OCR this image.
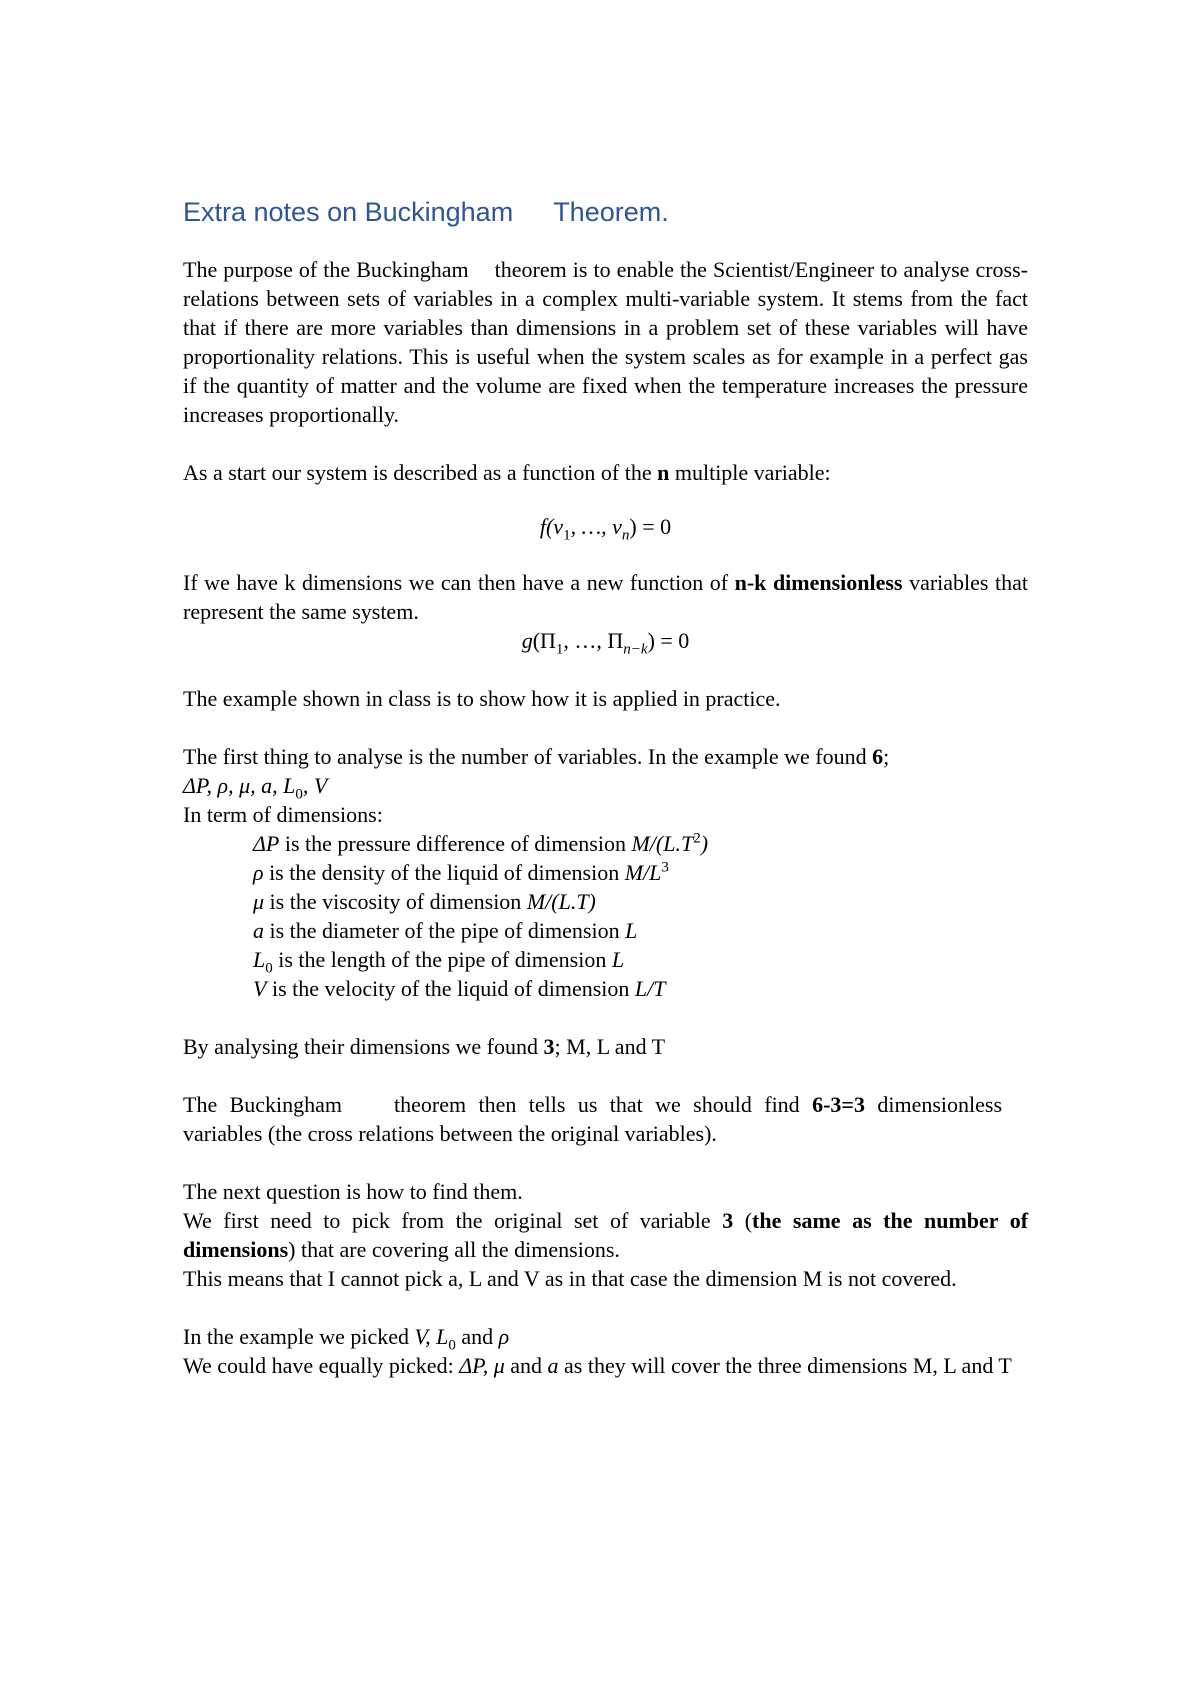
Extra notes on Buckingham Theorem.

The purpose of the Buckingham theorem is to enable the Scientist/Engineer to analyse cross-relations between sets of variables in a complex multi-variable system. It stems from the fact that if there are more variables than dimensions in a problem set of these variables will have proportionality relations. This is useful when the system scales as for example in a perfect gas if the quantity of matter and the volume are fixed when the temperature increases the pressure increases proportionally.

As a start our system is described as a function of the n multiple variable:

$f(v_1$, …, $v_n) = 0$

If we have k dimensions we can then have a new function of n-k dimensionless variables that represent the same system.

$g(\Pi_1$, …, $\Pi_{n-k}) = 0$

The example shown in class is to show how it is applied in practice.

The first thing to analyse is the number of variables. In the example we found 6;

ΔP, ρ, μ, a, $L_0$, V

In term of dimensions:

ΔP is the pressure difference of dimension $M/(L.T^2)$

ρ is the density of the liquid of dimension $M/L^3$

μ is the viscosity of dimension M/(L.T)

a is the diameter of the pipe of dimension L

$L_0$ is the length of the pipe of dimension L

V is the velocity of the liquid of dimension L/T

By analysing their dimensions we found 3; M, L and T

The Buckingham theorem then tells us that we should find 6-3=3 dimensionlessvariables (the cross relations between the original variables).

The next question is how to find them.

We first need to pick from the original set of variable 3 (the same as the number of dimensions) that are covering all the dimensions.

This means that I cannot pick a, L and V as in that case the dimension M is not covered.

In the example we picked V, $L_0$ and ρ

We could have equally picked: ΔP, μ and a as they will cover the three dimensions M, L and T
